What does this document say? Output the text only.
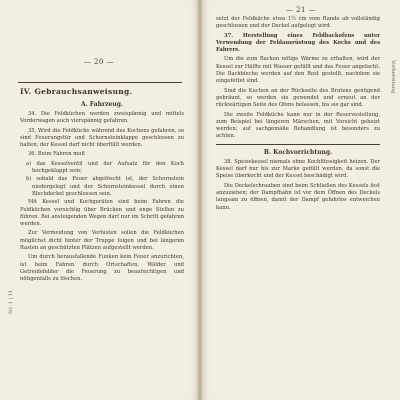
— 20 —
IV. Gebrauchsanweisung.
A. Fahrzeug.

34. Die Feldküchen werden zweispännig und mittels Vorderwagen auch vierspännig gefahren.

35. Wird die Feldküche während des Kochens gefahren, so sind Feuerungstür und Schornsteinklappe geschlossen zu halten; der Kessel darf nicht überfüllt werden.

36. Beim Fahren muß

a) das Kesselventil und der Aufsatz für den Koch hochgeklappt sein;
b) sobald das Feuer abgelöscht ist, der Schornstein niedergelegt und der Schornsteinkessel durch einen Blechdeckel geschlossen sein.

Mit Kessel und Kochgeräten sind beim Fahren die Feldküchen vorsichtig über Brücken und enge Stellen zu führen. Bei ansteigenden Wegen darf nur im Schritt gefahren werden.

Zur Vermeidung von Verlusten sollen die Feldküchen möglichst dicht hinter der Truppe folgen und bei längeren Rasten an geschützten Plätzen aufgestellt werden.

Um durch herausfallende Funken kein Feuer anzurichten, ist beim Fahren durch Ortschaften, Wälder und Getreidefelder die Feuerung zu beaufsichtigen und nötigenfalls zu löschen.

Nr. 1 | 11
— 21 —

setzt der Feldküche etwa 1½ cm vom Rande ab vollständig geschlossen und der Deckel aufgelegt wird.

37. Herstellung eines Feldbackofens unter Verwendung der Feldausrüstung des Kochs und des Fahrers.

Um die zum Backen nötige Wärme zu erhalten, wird der Kessel zur Hälfte mit Wasser gefüllt und das Feuer angefacht. Die Backbleche werden auf den Rost gestellt, nachdem sie eingefettet sind.

Sind die Kuchen an der Rückseite des Bratens genügend gebräunt, so werden sie gewendet und erneut an der rückwärtigen Seite des Ofens belassen, bis sie gar sind.

Die zweite Feldküche kann nur in der Reservestellung, zum Beispiel bei längeren Märschen, mit Vorsicht geheizt werden; auf sachgemäße Behandlung ist besonders zu achten.

B. Kochvorrichtung.

38. Speisekessel niemals ohne Kochflüssigkeit heizen. Der Kessel darf nur bis zur Marke gefüllt werden, da sonst die Speise überkocht und der Kessel beschädigt wird.

Die Deckelschrauben sind beim Schließen des Kessels fest anzuziehen; der Dampfhahn ist vor dem Öffnen des Deckels langsam zu öffnen, damit der Dampf gefahrlos entweichen kann.

Vorbereitung
